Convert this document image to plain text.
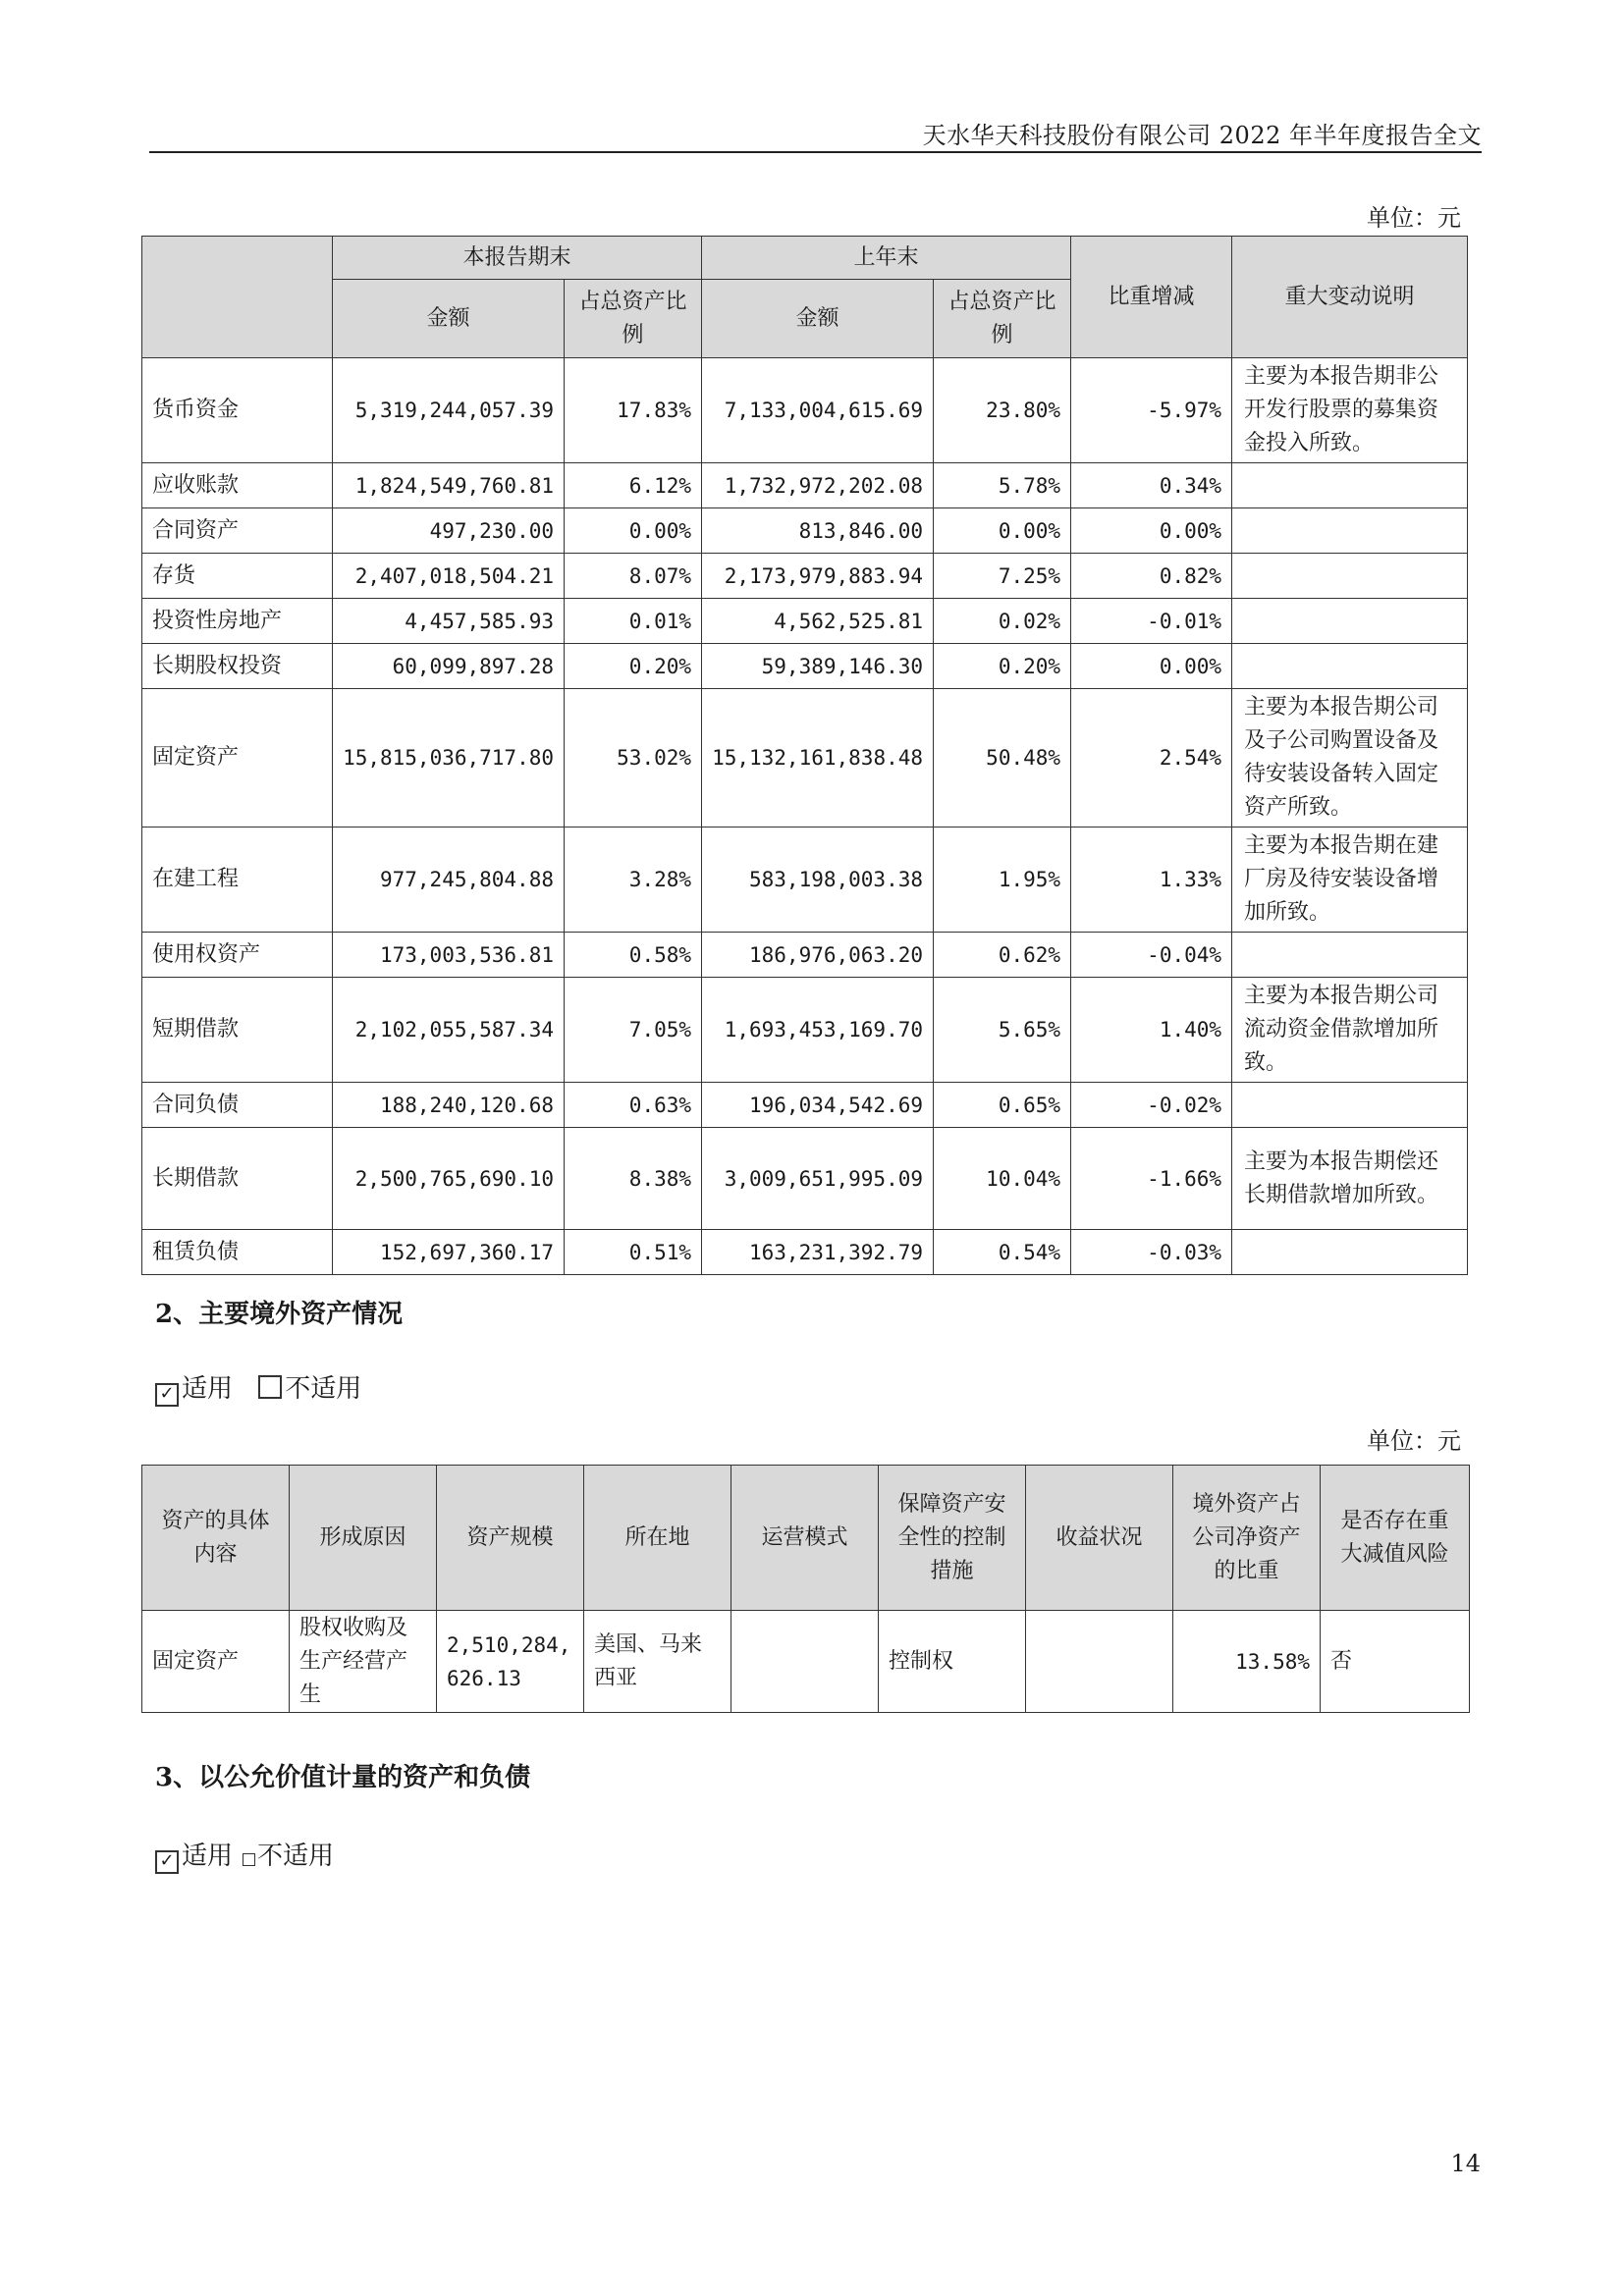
天水华天科技股份有限公司 2022 年半年度报告全文
单位：元
	本报告期末		上年末		比重增减	重大变动说明
	金额	占总资产比例	金额	占总资产比例		
货币资金	5,319,244,057.39	17.83%	7,133,004,615.69	23.80%	-5.97%	主要为本报告期非公开发行股票的募集资金投入所致。
应收账款	1,824,549,760.81	6.12%	1,732,972,202.08	5.78%	0.34%	
合同资产	497,230.00	0.00%	813,846.00	0.00%	0.00%	
存货	2,407,018,504.21	8.07%	2,173,979,883.94	7.25%	0.82%	
投资性房地产	4,457,585.93	0.01%	4,562,525.81	0.02%	-0.01%	
长期股权投资	60,099,897.28	0.20%	59,389,146.30	0.20%	0.00%	
固定资产	15,815,036,717.80	53.02%	15,132,161,838.48	50.48%	2.54%	主要为本报告期公司及子公司购置设备及待安装设备转入固定资产所致。
在建工程	977,245,804.88	3.28%	583,198,003.38	1.95%	1.33%	主要为本报告期在建厂房及待安装设备增加所致。
使用权资产	173,003,536.81	0.58%	186,976,063.20	0.62%	-0.04%	
短期借款	2,102,055,587.34	7.05%	1,693,453,169.70	5.65%	1.40%	主要为本报告期公司流动资金借款增加所致。
合同负债	188,240,120.68	0.63%	196,034,542.69	0.65%	-0.02%	
长期借款	2,500,765,690.10	8.38%	3,009,651,995.09	10.04%	-1.66%	主要为本报告期偿还长期借款增加所致。
租赁负债	152,697,360.17	0.51%	163,231,392.79	0.54%	-0.03%	
2、主要境外资产情况
✓ 适用 不适用
单位：元
资产的具体内容	形成原因	资产规模	所在地	运营模式	保障资产安全性的控制措施	收益状况	境外资产占公司净资产的比重	是否存在重大减值风险
固定资产	股权收购及生产经营产生	2,510,284,626.13	美国、马来西亚		控制权		13.58%	否
3、以公允价值计量的资产和负债
✓ 适用 不适用
14
